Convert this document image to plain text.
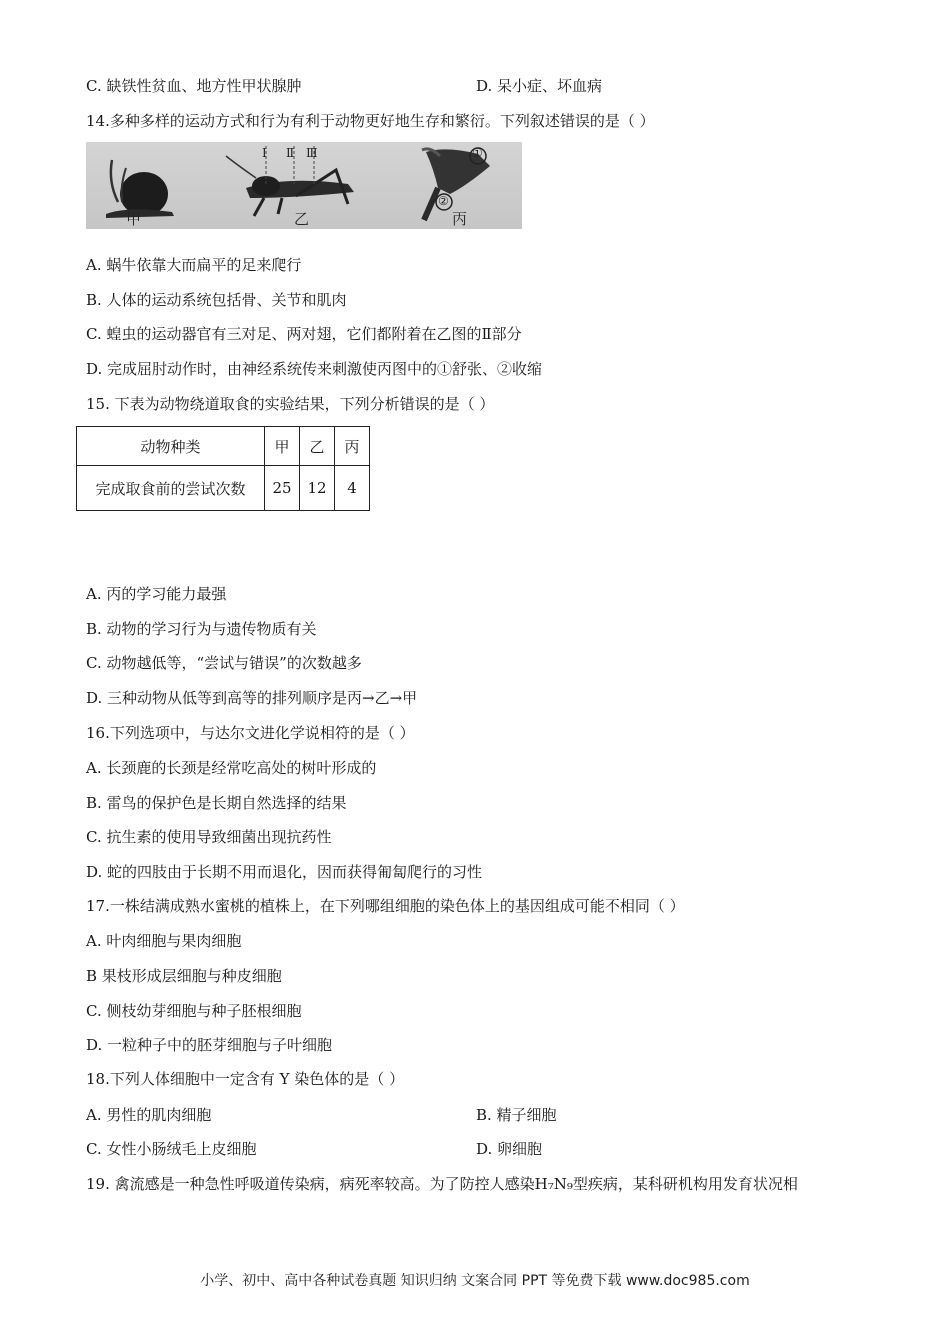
C. 缺铁性贫血、地方性甲状腺肿	D. 呆小症、坏血病
14.多种多样的运动方式和行为有利于动物更好地生存和繁衍。下列叙述错误的是（ ）
Ⅰ Ⅱ Ⅲ	①
②
甲	乙	丙
A. 蜗牛依靠大而扁平的足来爬行
B. 人体的运动系统包括骨、关节和肌肉
C. 蝗虫的运动器官有三对足、两对翅，它们都附着在乙图的Ⅱ部分
D. 完成屈肘动作时，由神经系统传来刺激使丙图中的①舒张、②收缩
15. 下表为动物绕道取食的实验结果，下列分析错误的是（ ）
动物种类	甲	乙	丙
完成取食前的尝试次数	25	12	4
A. 丙的学习能力最强
B. 动物的学习行为与遗传物质有关
C. 动物越低等，“尝试与错误”的次数越多
D. 三种动物从低等到高等的排列顺序是丙→乙→甲
16.下列选项中，与达尔文进化学说相符的是（ ）
A. 长颈鹿的长颈是经常吃高处的树叶形成的
B. 雷鸟的保护色是长期自然选择的结果
C. 抗生素的使用导致细菌出现抗药性
D. 蛇的四肢由于长期不用而退化，因而获得匍匐爬行的习性
17.一株结满成熟水蜜桃的植株上，在下列哪组细胞的染色体上的基因组成可能不相同（ ）
A. 叶肉细胞与果肉细胞
B 果枝形成层细胞与种皮细胞
C. 侧枝幼芽细胞与种子胚根细胞
D. 一粒种子中的胚芽细胞与子叶细胞
18.下列人体细胞中一定含有 Y 染色体的是（ ）
A. 男性的肌肉细胞	B. 精子细胞
C. 女性小肠绒毛上皮细胞	D. 卵细胞
19. 禽流感是一种急性呼吸道传染病，病死率较高。为了防控人感染H₇N₉型疾病，某科研机构用发育状况相
小学、初中、高中各种试卷真题 知识归纳 文案合同 PPT 等免费下载 www.doc985.com
